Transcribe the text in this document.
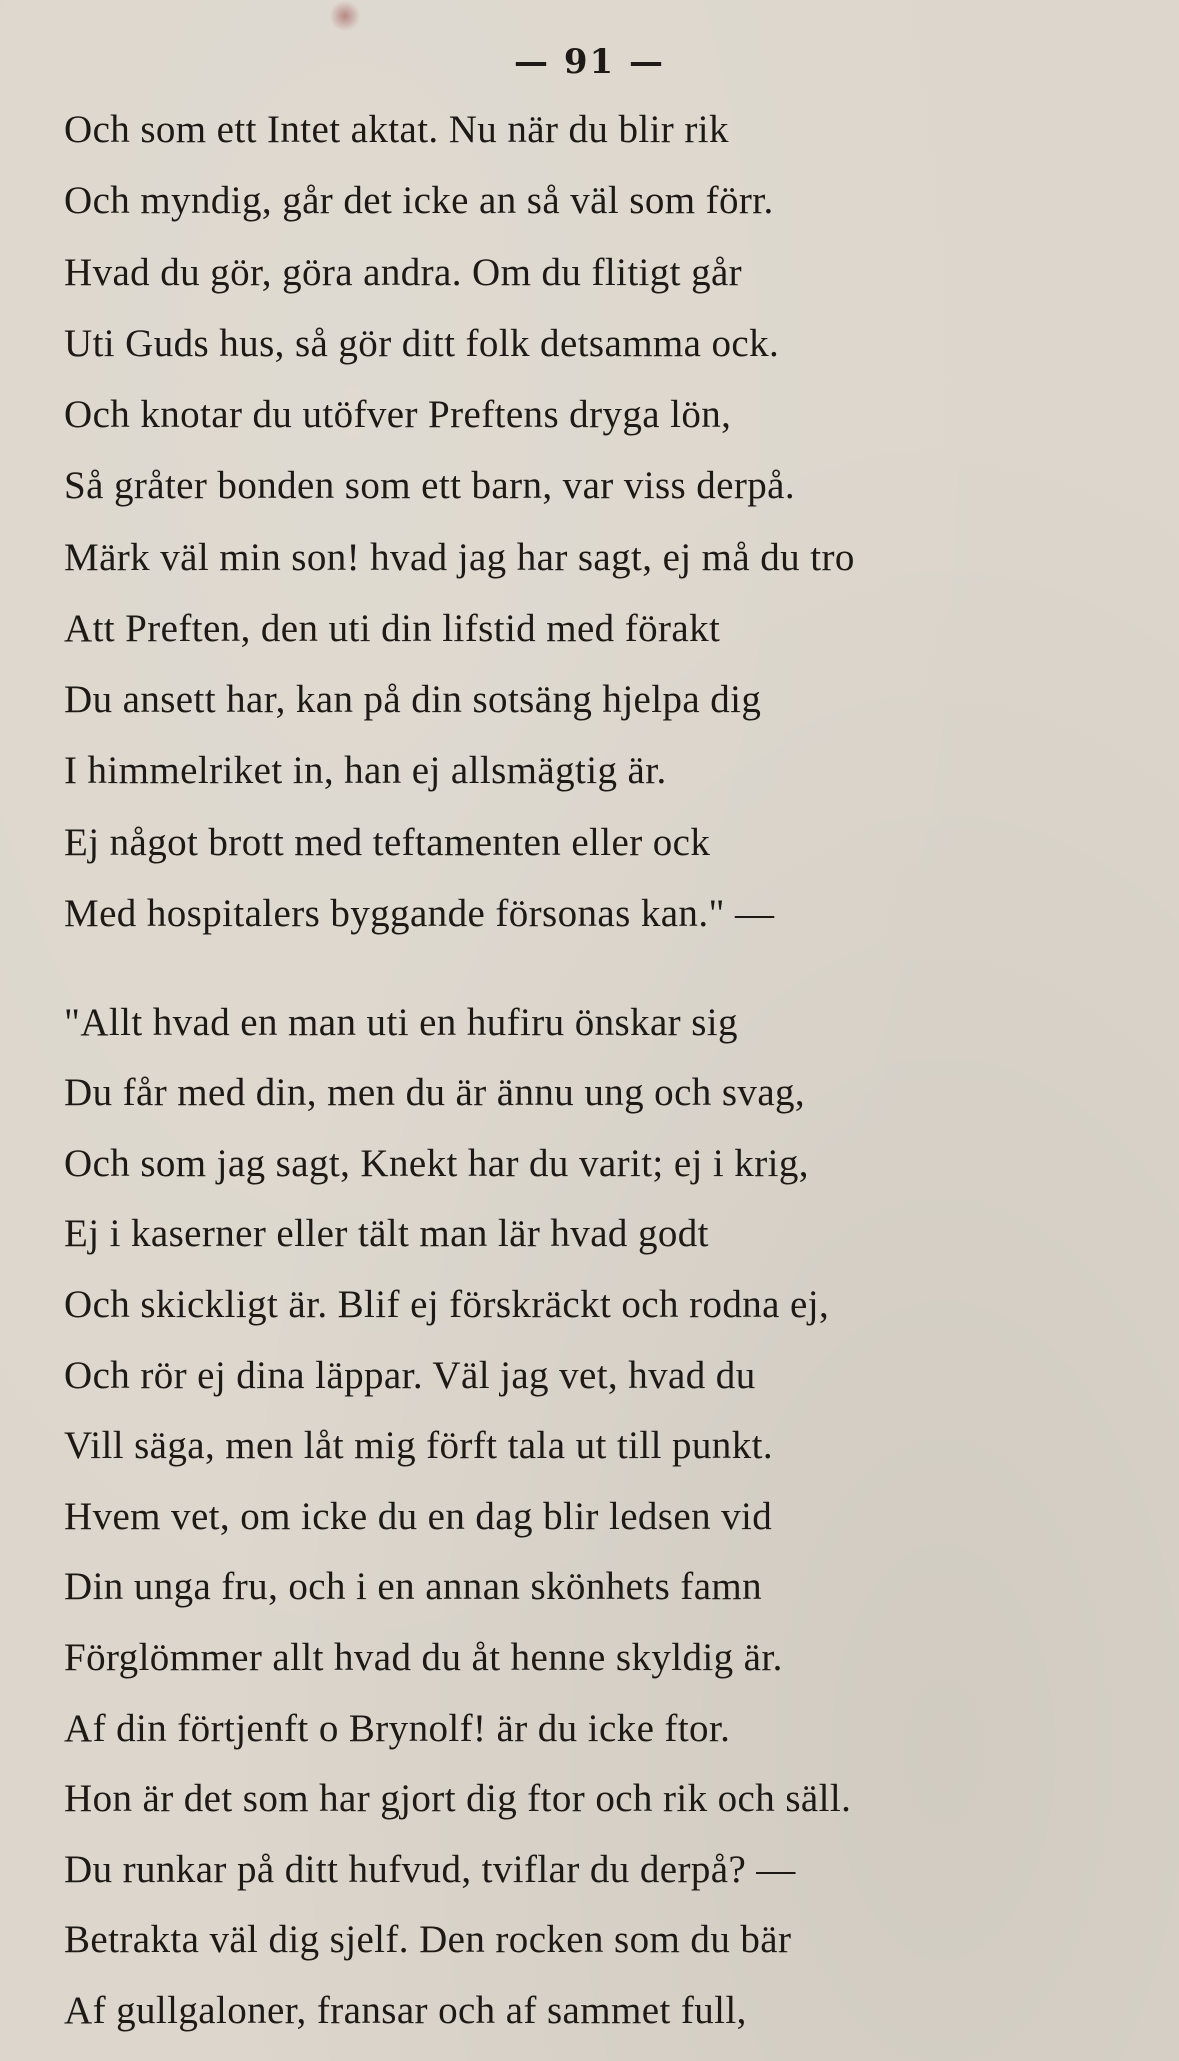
— 91 —
Och som ett Intet aktat. Nu när du blir rik
Och myndig, går det icke an så väl som förr.
Hvad du gör, göra andra. Om du flitigt går
Uti Guds hus, så gör ditt folk detsamma ock.
Och knotar du utöfver Preftens dryga lön,
Så gråter bonden som ett barn, var viss derpå.
Märk väl min son! hvad jag har sagt, ej må du tro
Att Preften, den uti din lifstid med förakt
Du ansett har, kan på din sotsäng hjelpa dig
I himmelriket in, han ej allsmägtig är.
Ej något brott med teftamenten eller ock
Med hospitalers byggande försonas kan." —
"Allt hvad en man uti en hufiru önskar sig
Du får med din, men du är ännu ung och svag,
Och som jag sagt, Knekt har du varit; ej i krig,
Ej i kaserner eller tält man lär hvad godt
Och skickligt är. Blif ej förskräckt och rodna ej,
Och rör ej dina läppar. Väl jag vet, hvad du
Vill säga, men låt mig förft tala ut till punkt.
Hvem vet, om icke du en dag blir ledsen vid
Din unga fru, och i en annan skönhets famn
Förglömmer allt hvad du åt henne skyldig är.
Af din förtjenft o Brynolf! är du icke ftor.
Hon är det som har gjort dig ftor och rik och säll.
Du runkar på ditt hufvud, tviflar du derpå? —
Betrakta väl dig sjelf. Den rocken som du bär
Af gullgaloner, fransar och af sammet full,
